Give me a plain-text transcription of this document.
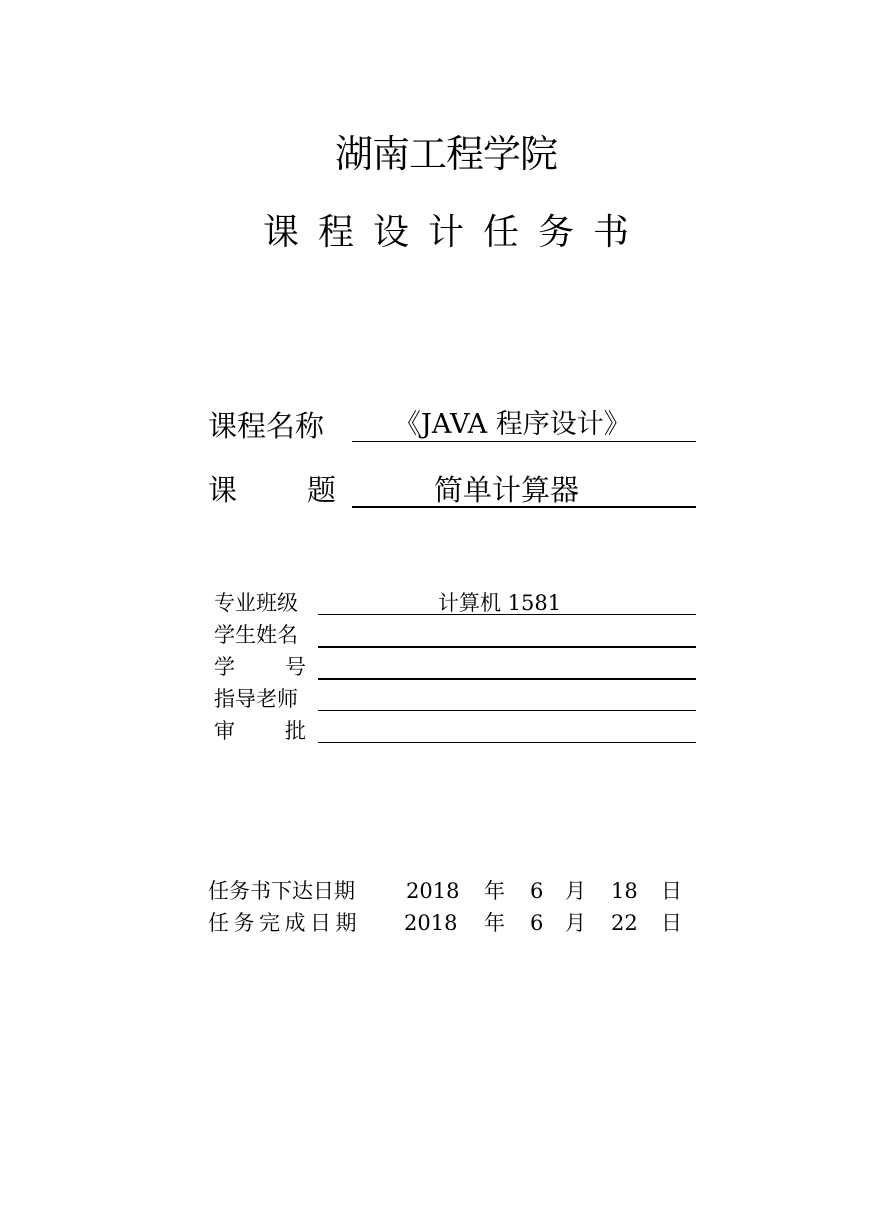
湖南工程学院
课程设计任务书
课程名称	《JAVA 程序设计》
课 题	简单计算器
专业班级	计算机 1581
学生姓名
学 号
指导老师
审 批
任务书下达日期 2018 年 6 月 18 日
任务完成日期 2018 年 6 月 22 日
